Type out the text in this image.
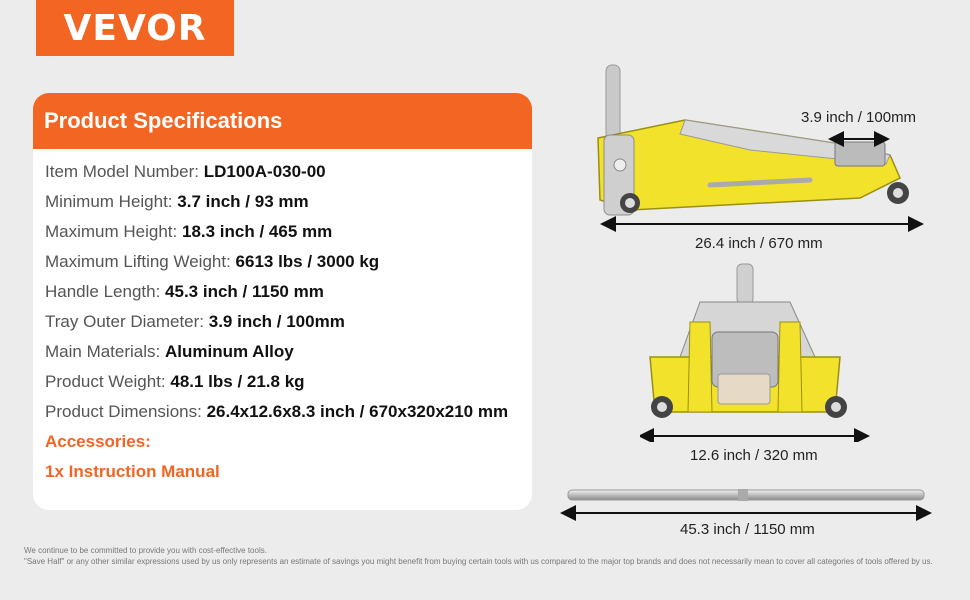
VEVOR
Product Specifications
Item Model Number: LD100A-030-00
Minimum Height: 3.7 inch / 93 mm
Maximum Height: 18.3 inch / 465 mm
Maximum Lifting Weight: 6613 lbs / 3000 kg
Handle Length: 45.3 inch / 1150 mm
Tray Outer Diameter: 3.9 inch / 100mm
Main Materials: Aluminum Alloy
Product Weight: 48.1 lbs / 21.8 kg
Product Dimensions: 26.4x12.6x8.3 inch / 670x320x210 mm
Accessories:
1x Instruction Manual
3.9 inch / 100mm
26.4 inch / 670 mm
12.6 inch / 320 mm
45.3 inch / 1150 mm
We continue to be committed to provide you with cost-effective tools.
"Save Half" or any other similar expressions used by us only represents an estimate of savings you might benefit from buying certain tools with us compared to the major top brands and does not necessarily mean to cover all categories of tools offered by us.
